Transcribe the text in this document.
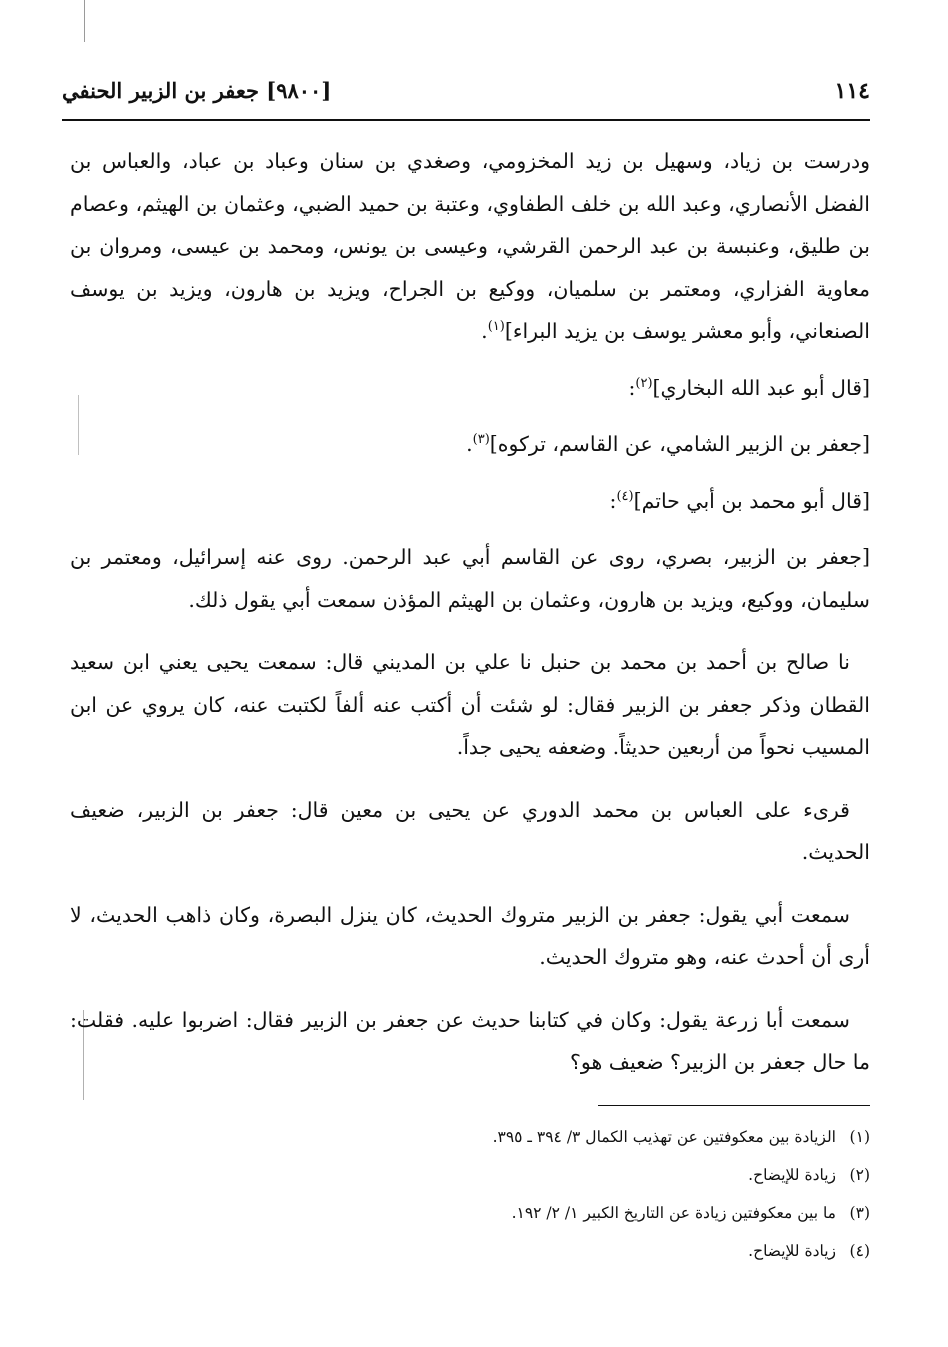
١١٤
[٩٨٠٠] جعفر بن الزبير الحنفي

ودرست بن زياد، وسهيل بن زيد المخزومي، وصغدي بن سنان وعباد بن عباد، والعباس بن الفضل الأنصاري، وعبد الله بن خلف الطفاوي، وعتبة بن حميد الضبي، وعثمان بن الهيثم، وعصام بن طليق، وعنبسة بن عبد الرحمن القرشي، وعيسى بن يونس، ومحمد بن عيسى، ومروان بن معاوية الفزاري، ومعتمر بن سلميان، ووكيع بن الجراح، ويزيد بن هارون، ويزيد بن يوسف الصنعاني، وأبو معشر يوسف بن يزيد البراء]$^{(١)}$.

[قال أبو عبد الله البخاري]$^{(٢)}$:

[جعفر بن الزبير الشامي، عن القاسم، تركوه]$^{(٣)}$.

[قال أبو محمد بن أبي حاتم]$^{(٤)}$:

[جعفر بن الزبير، بصري، روى عن القاسم أبي عبد الرحمن. روى عنه إسرائيل، ومعتمر بن سليمان، ووكيع، ويزيد بن هارون، وعثمان بن الهيثم المؤذن سمعت أبي يقول ذلك.

نا صالح بن أحمد بن محمد بن حنبل نا علي بن المديني قال: سمعت يحيى يعني ابن سعيد القطان وذكر جعفر بن الزبير فقال: لو شئت أن أكتب عنه ألفاً لكتبت عنه، كان يروي عن ابن المسيب نحواً من أربعين حديثاً. وضعفه يحيى جداً.

قرىء على العباس بن محمد الدوري عن يحيى بن معين قال: جعفر بن الزبير، ضعيف الحديث.

سمعت أبي يقول: جعفر بن الزبير متروك الحديث، كان ينزل البصرة، وكان ذاهب الحديث، لا أرى أن أحدث عنه، وهو متروك الحديث.

سمعت أبا زرعة يقول: وكان في كتابنا حديث عن جعفر بن الزبير فقال: اضربوا عليه. فقلت: ما حال جعفر بن الزبير؟ ضعيف هو؟

(١)
الزيادة بين معكوفتين عن تهذيب الكمال ٣/ ٣٩٤ ـ ٣٩٥.
(٢)
زيادة للإيضاح.
(٣)
ما بين معكوفتين زيادة عن التاريخ الكبير ١/ ٢/ ١٩٢.
(٤)
زيادة للإيضاح.
